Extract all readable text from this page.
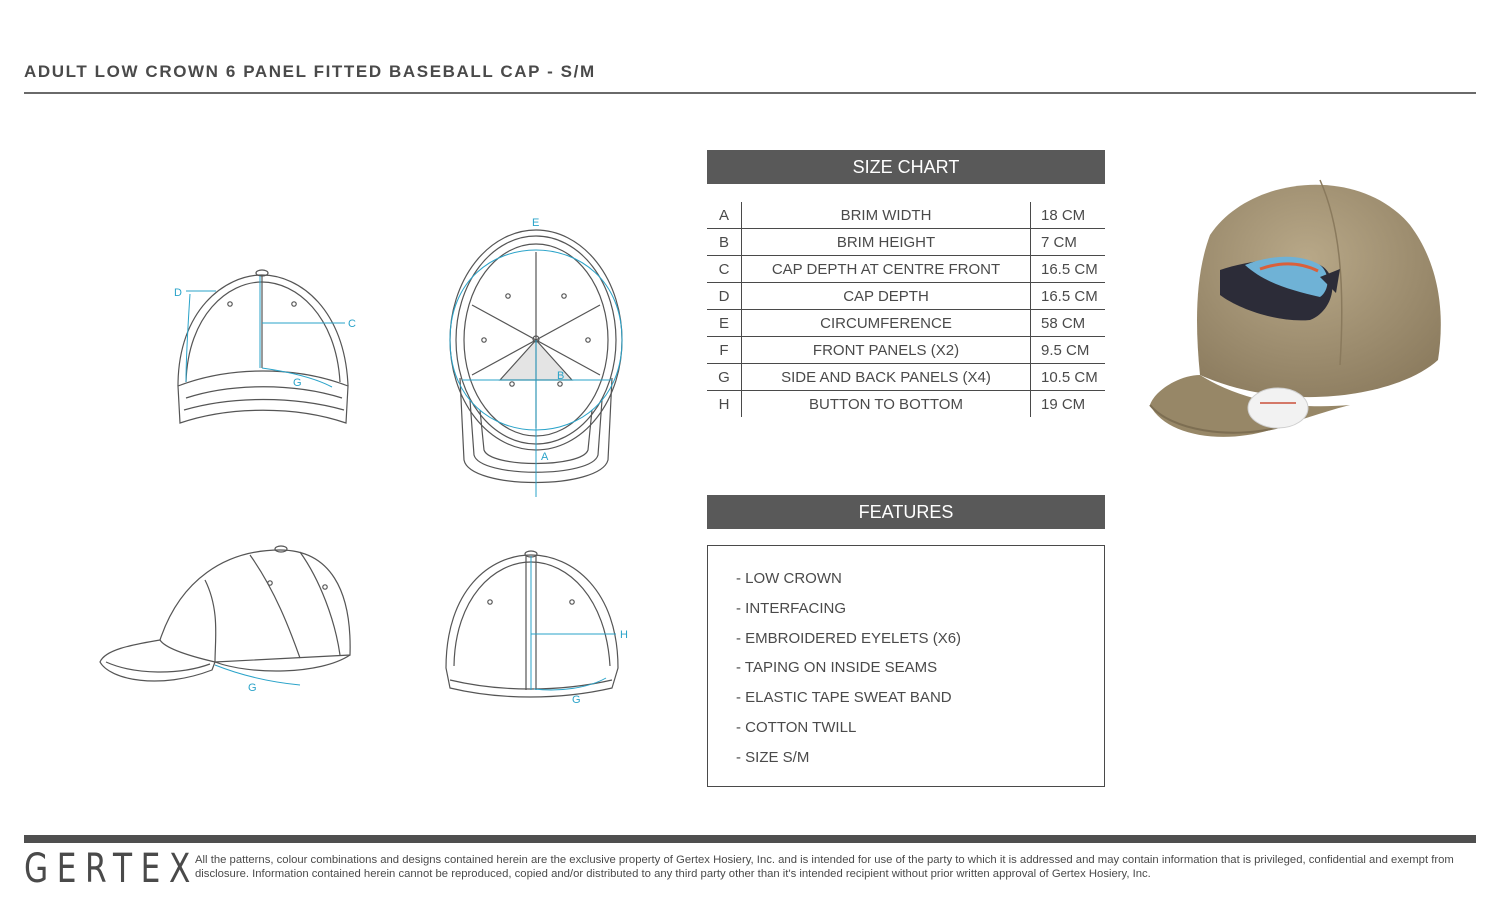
ADULT LOW CROWN 6 PANEL FITTED BASEBALL CAP - S/M
E
D
C
G
B
A
H
G
G
SIZE CHART
A	BRIM WIDTH	18 CM
B	BRIM HEIGHT	7 CM
C	CAP DEPTH AT CENTRE FRONT	16.5 CM
D	CAP DEPTH	16.5 CM
E	CIRCUMFERENCE	58 CM
F	FRONT PANELS (X2)	9.5 CM
G	SIDE AND BACK PANELS (X4)	10.5 CM
H	BUTTON TO BOTTOM	19 CM
FEATURES
- LOW CROWN
- INTERFACING
- EMBROIDERED EYELETS (X6)
- TAPING ON INSIDE SEAMS
- ELASTIC TAPE SWEAT BAND
- COTTON TWILL
- SIZE S/M
GERTEX
All the patterns, colour combinations and designs contained herein are the exclusive property of Gertex Hosiery, Inc. and is intended for use of the party to which it is addressed and may contain information that is privileged, confidential and exempt from disclosure. Information contained herein cannot be reproduced, copied and/or distributed to any third party other than it's intended recipient without prior written approval of Gertex Hosiery, Inc.
